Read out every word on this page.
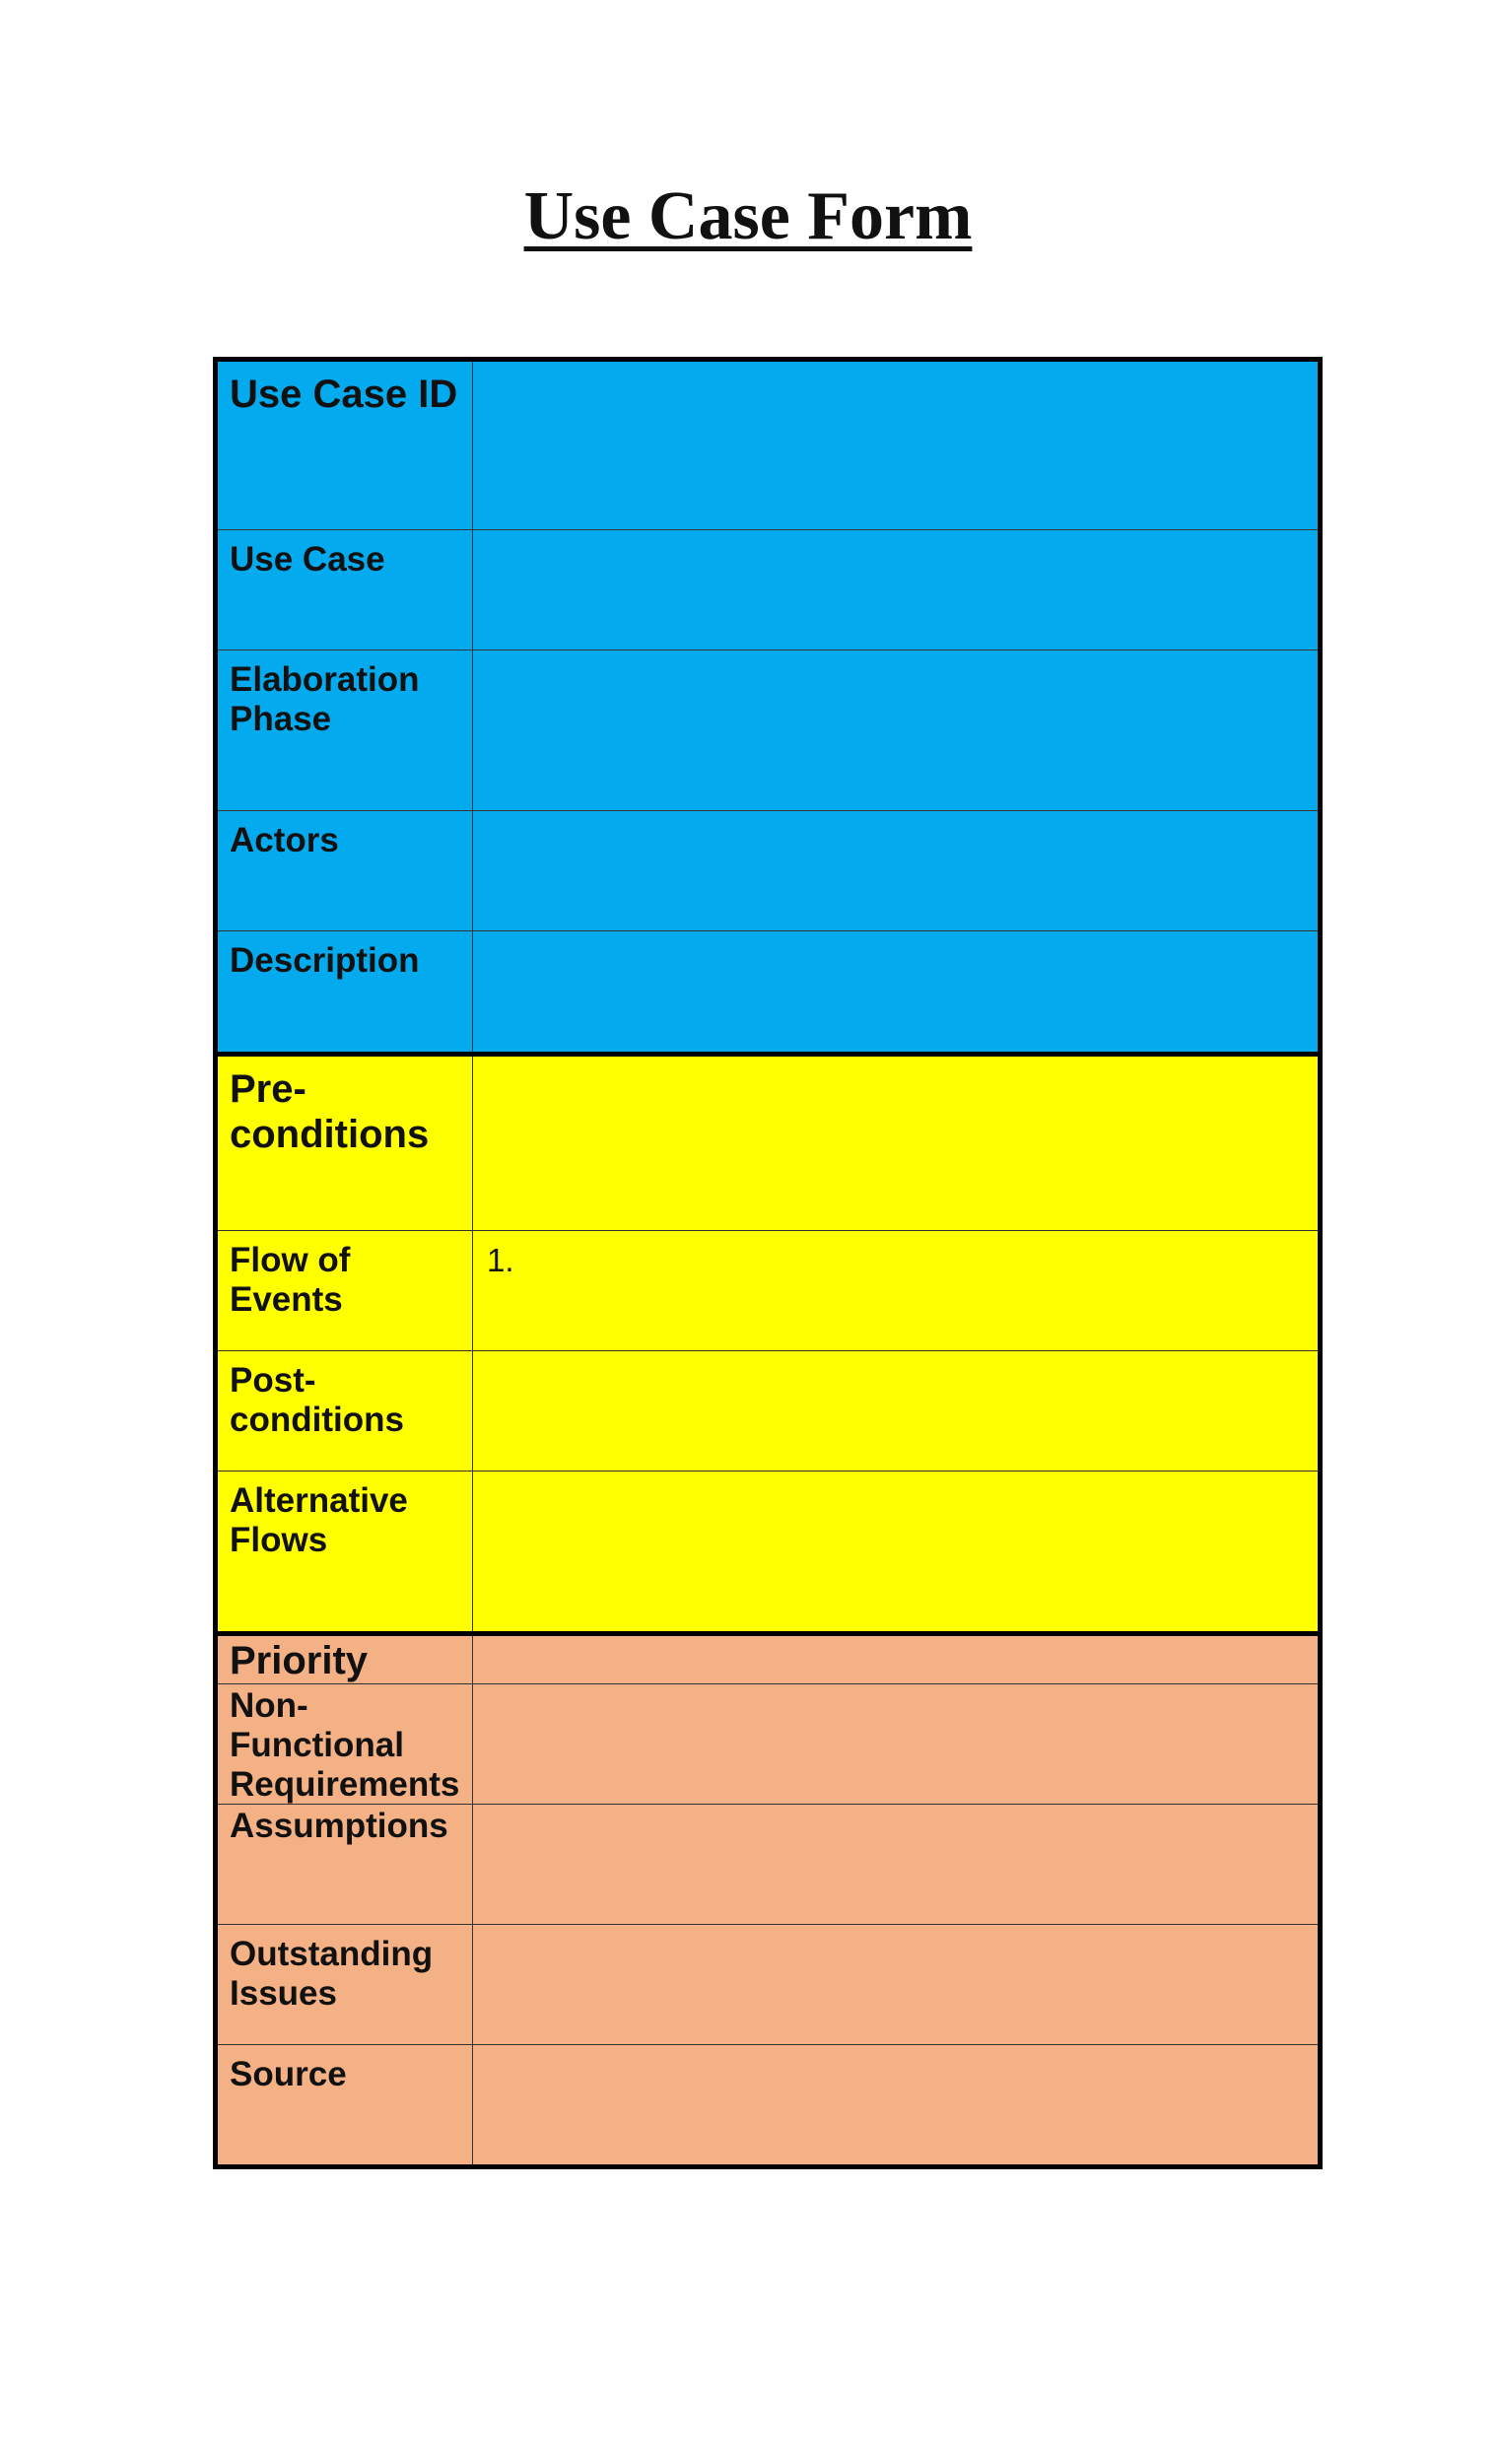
Use Case Form
Use Case ID
Use Case
Elaboration
Phase
Actors
Description
Pre-
conditions
Flow of
Events
1.
Post-
conditions
Alternative
Flows
Priority
Non-
Functional
Requirements
Assumptions
Outstanding
Issues
Source
